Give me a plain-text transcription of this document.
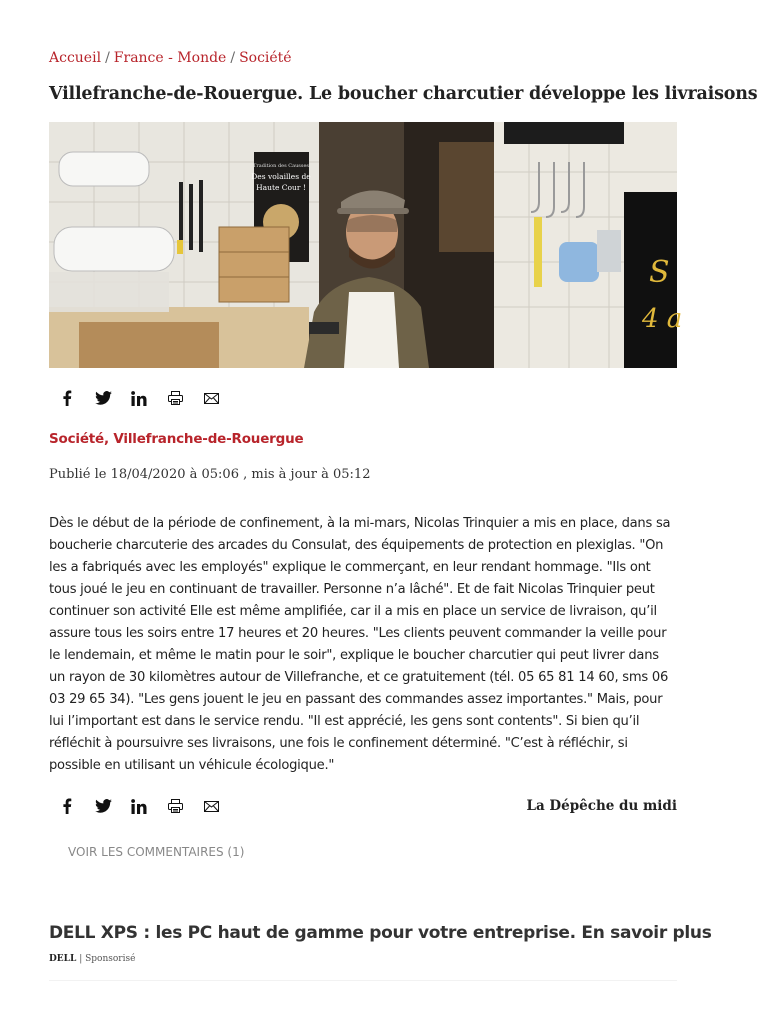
Accueil / France - Monde / Société
Villefranche-de-Rouergue. Le boucher charcutier développe les livraisons
S
4 a
Tradition des Causses
Des volailles de
Haute Cour !
Société, Villefranche-de-Rouergue
Publié le 18/04/2020 à 05:06 , mis à jour à 05:12

Dès le début de la période de confinement, à la mi-mars, Nicolas Trinquier a mis en place, dans sa boucherie charcuterie des arcades du Consulat, des équipements de protection en plexiglas. "On les a fabriqués avec les employés" explique le commerçant, en leur rendant hommage. "Ils ont tous joué le jeu en continuant de travailler. Personne n’a lâché". Et de fait Nicolas Trinquier peut continuer son activité Elle est même amplifiée, car il a mis en place un service de livraison, qu’il assure tous les soirs entre 17 heures et 20 heures. "Les clients peuvent commander la veille pour le lendemain, et même le matin pour le soir", explique le boucher charcutier qui peut livrer dans un rayon de 30 kilomètres autour de Villefranche, et ce gratuitement (tél. 05 65 81 14 60, sms 06 03 29 65 34). "Les gens jouent le jeu en passant des commandes assez importantes." Mais, pour lui l’important est dans le service rendu. "Il est apprécié, les gens sont contents". Si bien qu’il réfléchit à poursuivre ses livraisons, une fois le confinement déterminé. "C’est à réfléchir, si possible en utilisant un véhicule écologique."

La Dépêche du midi
VOIR LES COMMENTAIRES (1)
DELL XPS : les PC haut de gamme pour votre entreprise. En savoir plus
DELL | Sponsorisé
